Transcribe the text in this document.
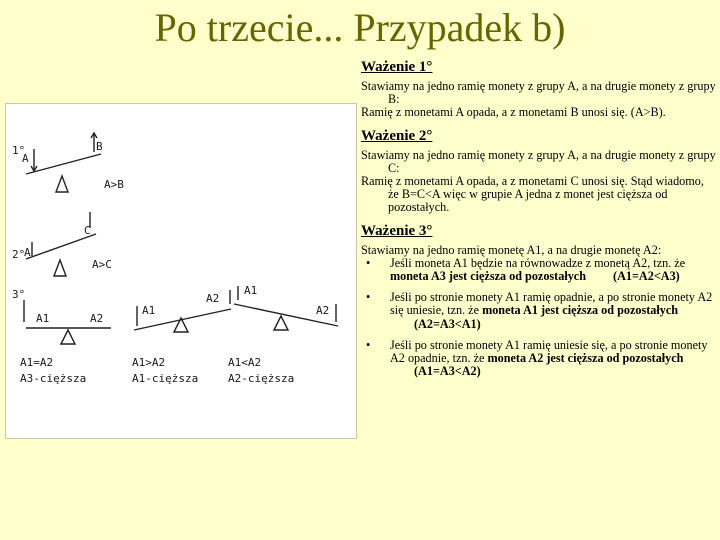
Po trzecie... Przypadek b)
1°
A
B
A>B
2°
A
C
A>C
3°
A1	A2
A1
A2
A1
A2
A1=A2
A3-cięższa
A1>A2
A1-cięższa
A1<A2
A2-cięższa
Ważenie 1°

Stawiamy na jedno ramię monety z grupy A, a na drugie monety z grupy B:

Ramię z monetami A opada, a z monetami B unosi się. (A>B).

Ważenie 2°

Stawiamy na jedno ramię monety z grupy A, a na drugie monety z grupy C:

Ramię z monetami A opada, a z monetami C unosi się. Stąd wiadomo, że B=C<A więc w grupie A jedna z monet jest cięższa od pozostałych.

Ważenie 3°

Stawiamy na jedno ramię monetę A1, a na drugie monetę A2:

• Jeśli moneta A1 będzie na równowadze z monetą A2, tzn. że moneta A3 jest cięższa od pozostałych (A1=A2<A3)
• Jeśli po stronie monety A1 ramię opadnie, a po stronie monety A2 się uniesie, tzn. że moneta A1 jest cięższa od pozostałych (A2=A3<A1)
• Jeśli po stronie monety A1 ramię uniesie się, a po stronie monety A2 opadnie, tzn. że moneta A2 jest cięższa od pozostałych (A1=A3<A2)
